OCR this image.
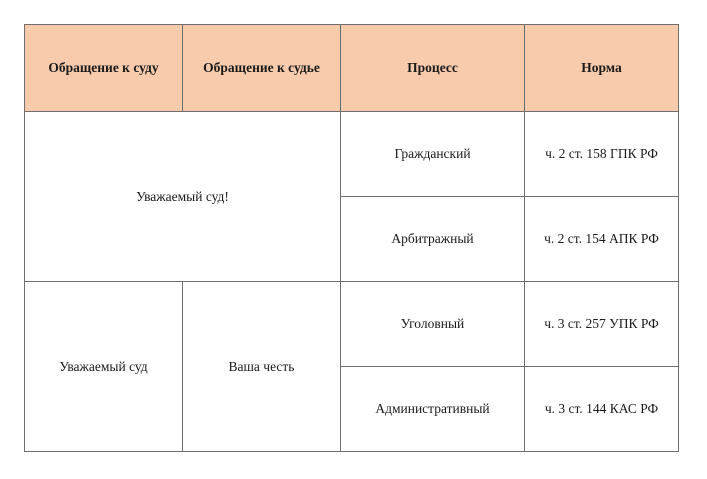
Обращение к суду	Обращение к судье	Процесс	Норма
Уважаемый суд!		Гражданский	ч. 2 ст. 158 ГПК РФ
		Арбитражный	ч. 2 ст. 154 АПК РФ
Уважаемый суд	Ваша честь	Уголовный	ч. 3 ст. 257 УПК РФ
		Административный	ч. 3 ст. 144 КАС РФ
